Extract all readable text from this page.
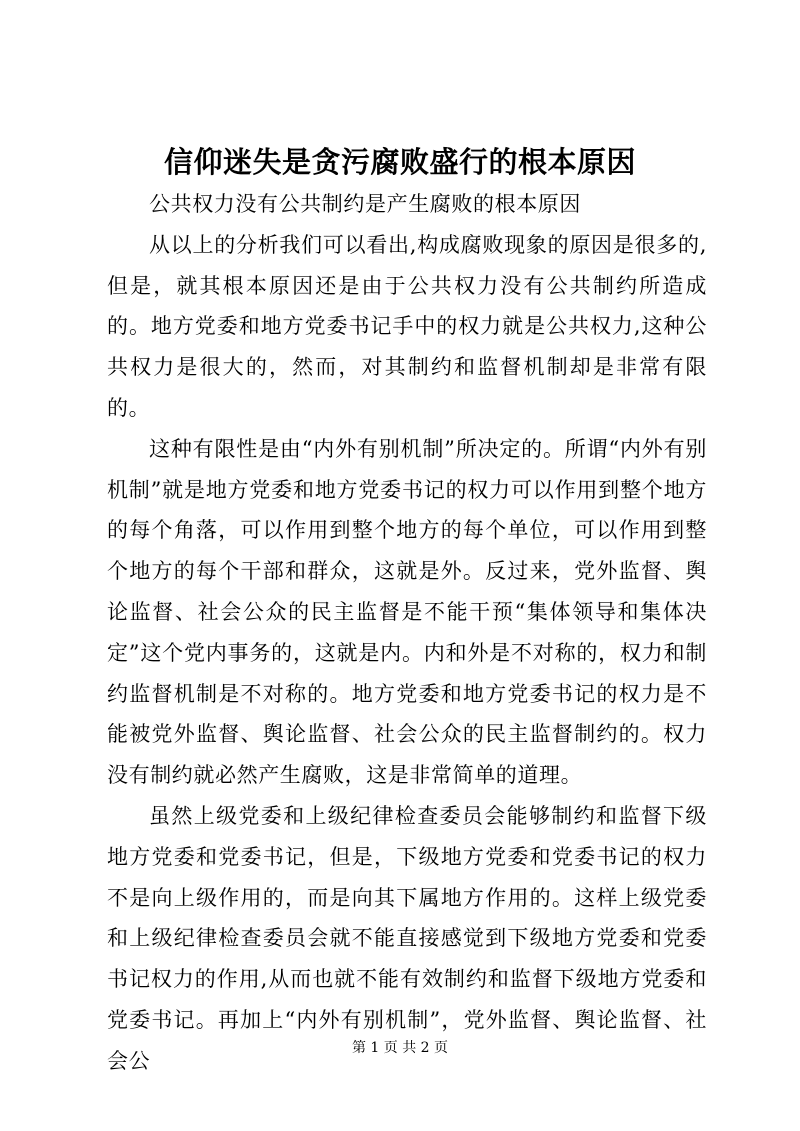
信仰迷失是贪污腐败盛行的根本原因

公共权力没有公共制约是产生腐败的根本原因

从以上的分析我们可以看出,构成腐败现象的原因是很多的,但是，就其根本原因还是由于公共权力没有公共制约所造成的。地方党委和地方党委书记手中的权力就是公共权力,这种公共权力是很大的，然而，对其制约和监督机制却是非常有限的。

这种有限性是由“内外有别机制”所决定的。所谓“内外有别机制”就是地方党委和地方党委书记的权力可以作用到整个地方的每个角落，可以作用到整个地方的每个单位，可以作用到整个地方的每个干部和群众，这就是外。反过来，党外监督、舆论监督、社会公众的民主监督是不能干预“集体领导和集体决定”这个党内事务的，这就是内。内和外是不对称的，权力和制约监督机制是不对称的。地方党委和地方党委书记的权力是不能被党外监督、舆论监督、社会公众的民主监督制约的。权力没有制约就必然产生腐败，这是非常简单的道理。

虽然上级党委和上级纪律检查委员会能够制约和监督下级地方党委和党委书记，但是，下级地方党委和党委书记的权力不是向上级作用的，而是向其下属地方作用的。这样上级党委和上级纪律检查委员会就不能直接感觉到下级地方党委和党委书记权力的作用,从而也就不能有效制约和监督下级地方党委和党委书记。再加上“内外有别机制”，党外监督、舆论监督、社会公

第 1 页 共 2 页
